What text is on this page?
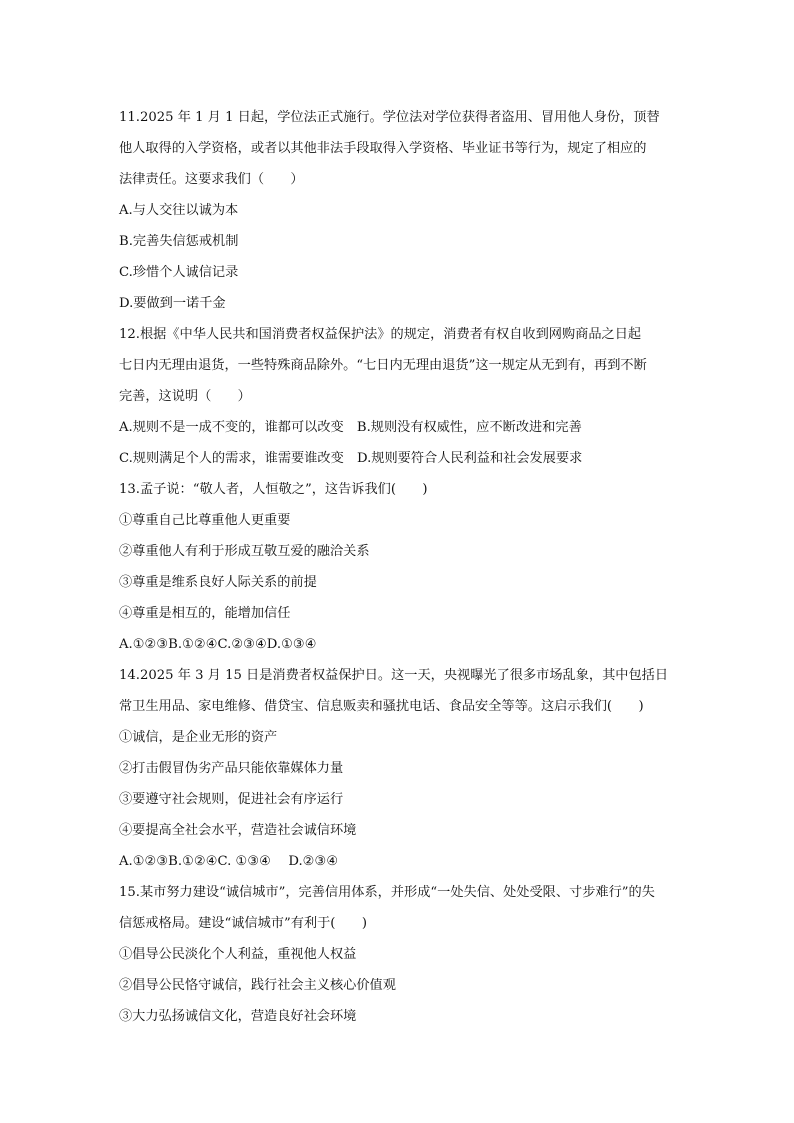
11.2025 年 1 月 1 日起，学位法正式施行。学位法对学位获得者盗用、冒用他人身份，顶替
他人取得的入学资格，或者以其他非法手段取得入学资格、毕业证书等行为，规定了相应的
法律责任。这要求我们（　　）
A.与人交往以诚为本
B.完善失信惩戒机制
C.珍惜个人诚信记录
D.要做到一诺千金
12.根据《中华人民共和国消费者权益保护法》的规定，消费者有权自收到网购商品之日起
七日内无理由退货，一些特殊商品除外。“七日内无理由退货”这一规定从无到有，再到不断
完善，这说明（　　）
A.规则不是一成不变的，谁都可以改变　B.规则没有权威性，应不断改进和完善
C.规则满足个人的需求，谁需要谁改变　D.规则要符合人民利益和社会发展要求
13.孟子说：“敬人者，人恒敬之”，这告诉我们(　　)
①尊重自己比尊重他人更重要
②尊重他人有利于形成互敬互爱的融洽关系
③尊重是维系良好人际关系的前提
④尊重是相互的，能增加信任
A.①②③B.①②④C.②③④D.①③④
14.2025 年 3 月 15 日是消费者权益保护日。这一天，央视曝光了很多市场乱象，其中包括日
常卫生用品、家电维修、借贷宝、信息贩卖和骚扰电话、食品安全等等。这启示我们(　　)
①诚信，是企业无形的资产
②打击假冒伪劣产品只能依靠媒体力量
③要遵守社会规则，促进社会有序运行
④要提高全社会水平，营造社会诚信环境
A.①②③B.①②④C. ①③④　 D.②③④
15.某市努力建设“诚信城市”，完善信用体系，并形成“一处失信、处处受限、寸步难行”的失
信惩戒格局。建设“诚信城市”有利于(　　)
①倡导公民淡化个人利益，重视他人权益
②倡导公民恪守诚信，践行社会主义核心价值观
③大力弘扬诚信文化，营造良好社会环境
